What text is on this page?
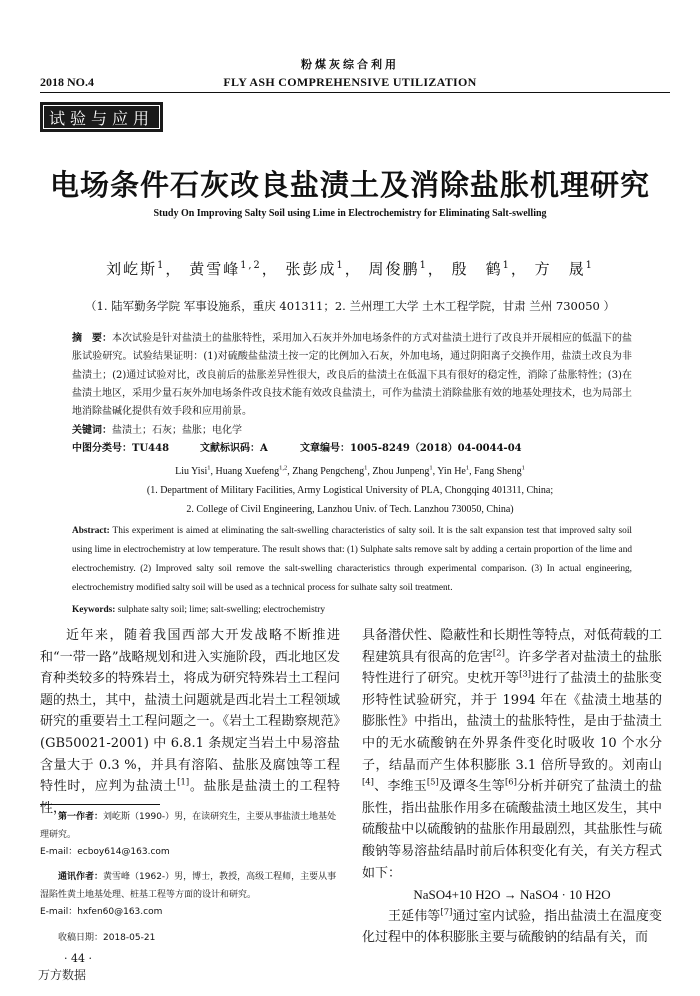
粉煤灰综合利用
2018 NO.4	FLY ASH COMPREHENSIVE UTILIZATION
试验与应用
电场条件石灰改良盐渍土及消除盐胀机理研究
Study On Improving Salty Soil using Lime in Electrochemistry for Eliminating Salt-swelling
刘屹斯$^1$， 黄雪峰$^{1,2}$， 张彭成$^1$， 周俊鹏$^1$， 殷　鹤$^1$， 方　晟$^1$
（1. 陆军勤务学院 军事设施系，重庆 401311；2. 兰州理工大学 土木工程学院，甘肃 兰州 730050 ）
摘　要：本次试验是针对盐渍土的盐胀特性，采用加入石灰并外加电场条件的方式对盐渍土进行了改良并开展相应的低温下的盐胀试验研究。试验结果证明：(1)对硫酸盐盐渍土按一定的比例加入石灰，外加电场，通过阴阳离子交换作用，盐渍土改良为非盐渍土；(2)通过试验对比，改良前后的盐胀差异性很大，改良后的盐渍土在低温下具有很好的稳定性，消除了盐胀特性；(3)在盐渍土地区，采用少量石灰外加电场条件改良技术能有效改良盐渍土，可作为盐渍土消除盐胀有效的地基处理技术，也为局部土地消除盐碱化提供有效手段和应用前景。
关键词：盐渍土；石灰；盐胀；电化学
中图分类号：TU448	文献标识码：A	文章编号：1005-8249（2018）04-0044-04
Liu Yisi$^1$, Huang Xuefeng$^{1,2}$, Zhang Pengcheng$^1$, Zhou Junpeng$^1$, Yin He$^1$, Fang Sheng$^1$
(1. Department of Military Facilities, Army Logistical University of PLA, Chongqing 401311, China;
2. College of Civil Engineering, Lanzhou Univ. of Tech. Lanzhou 730050, China)
Abstract: This experiment is aimed at eliminating the salt-swelling characteristics of salty soil. It is the salt expansion test that improved salty soil using lime in electrochemistry at low temperature. The result shows that: (1) Sulphate salts remove salt by adding a certain proportion of the lime and electrochemistry. (2) Improved salty soil remove the salt-swelling characteristics through experimental comparison. (3) In actual engineering, electrochemistry modified salty soil will be used as a technical process for sulhate salty soil treatment.
Keywords: sulphate salty soil; lime; salt-swelling; electrochemistry
近年来，随着我国西部大开发战略不断推进和“一带一路”战略规划和进入实施阶段，西北地区发育种类较多的特殊岩土，将成为研究特殊岩土工程问题的热土，其中，盐渍土问题就是西北岩土工程领域研究的重要岩土工程问题之一。《岩土工程勘察规范》(GB50021-2001) 中 6.8.1 条规定当岩土中易溶盐含量大于 0.3 %，并具有溶陷、盐胀及腐蚀等工程特性时，应判为盐渍土[1]。盐胀是盐渍土的工程特性，
第一作者：刘屹斯（1990-）男，在读研究生，主要从事盐渍土地基处理研究。
E-mail：ecboy614@163.com
通讯作者：黄雪峰（1962-）男，博士，教授，高级工程师，主要从事湿陷性黄土地基处理、桩基工程等方面的设计和研究。
E-mail：hxfen60@163.com
收稿日期：2018-05-21
· 44 ·
万方数据
具备潜伏性、隐蔽性和长期性等特点，对低荷载的工程建筑具有很高的危害[2]。许多学者对盐渍土的盐胀特性进行了研究。史枕开等[3]进行了盐渍土的盐胀变形特性试验研究，并于 1994 年在《盐渍土地基的膨胀性》中指出，盐渍土的盐胀特性，是由于盐渍土中的无水硫酸钠在外界条件变化时吸收 10 个水分子，结晶而产生体积膨胀 3.1 倍所导致的。刘南山[4]、李维玉[5]及谭冬生等[6]分析并研究了盐渍土的盐胀性，指出盐胀作用多在硫酸盐渍土地区发生，其中硫酸盐中以硫酸钠的盐胀作用最剧烈，其盐胀性与硫酸钠等易溶盐结晶时前后体积变化有关，有关方程式如下：
NaSO4+10 H2O → NaSO4 · 10 H2O
王延伟等[7]通过室内试验，指出盐渍土在温度变化过程中的体积膨胀主要与硫酸钠的结晶有关，而
